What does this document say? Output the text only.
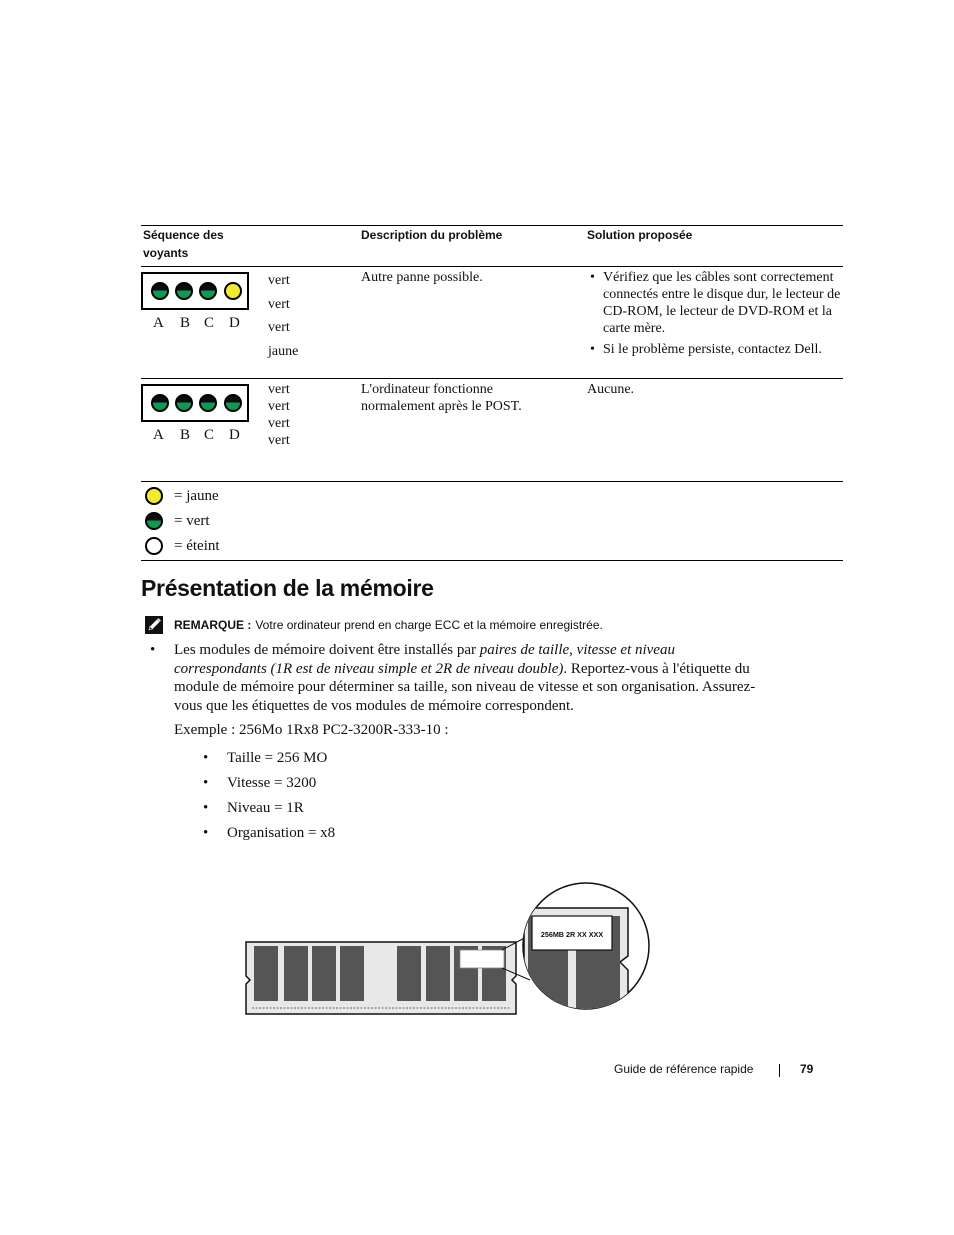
Séquence des
voyants
Description du problème	Solution proposée
A B C D
vert
vert
vert
jaune
Autre panne possible.
•	Vérifiez que les câbles sont correctement connectés entre le disque dur, le lecteur de CD-ROM, le lecteur de DVD-ROM et la carte mère.
• Si le problème persiste, contactez Dell.
A B C D
vert
vert
vert
vert
L'ordinateur fonctionne normalement après le POST.
Aucune.
= jaune
= vert
= éteint
Présentation de la mémoire
REMARQUE : Votre ordinateur prend en charge ECC et la mémoire enregistrée.
• Les modules de mémoire doivent être installés par paires de taille, vitesse et niveau correspondants (1R est de niveau simple et 2R de niveau double). Reportez-vous à l'étiquette du module de mémoire pour déterminer sa taille, son niveau de vitesse et son organisation. Assurez-vous que les étiquettes de vos modules de mémoire correspondent.
Exemple : 256Mo 1Rx8 PC2-3200R-333-10 :
• Taille = 256 MO
• Vitesse = 3200
• Niveau = 1R
• Organisation = x8
256MB 2R XX XXX
Guide de référence rapide	79
